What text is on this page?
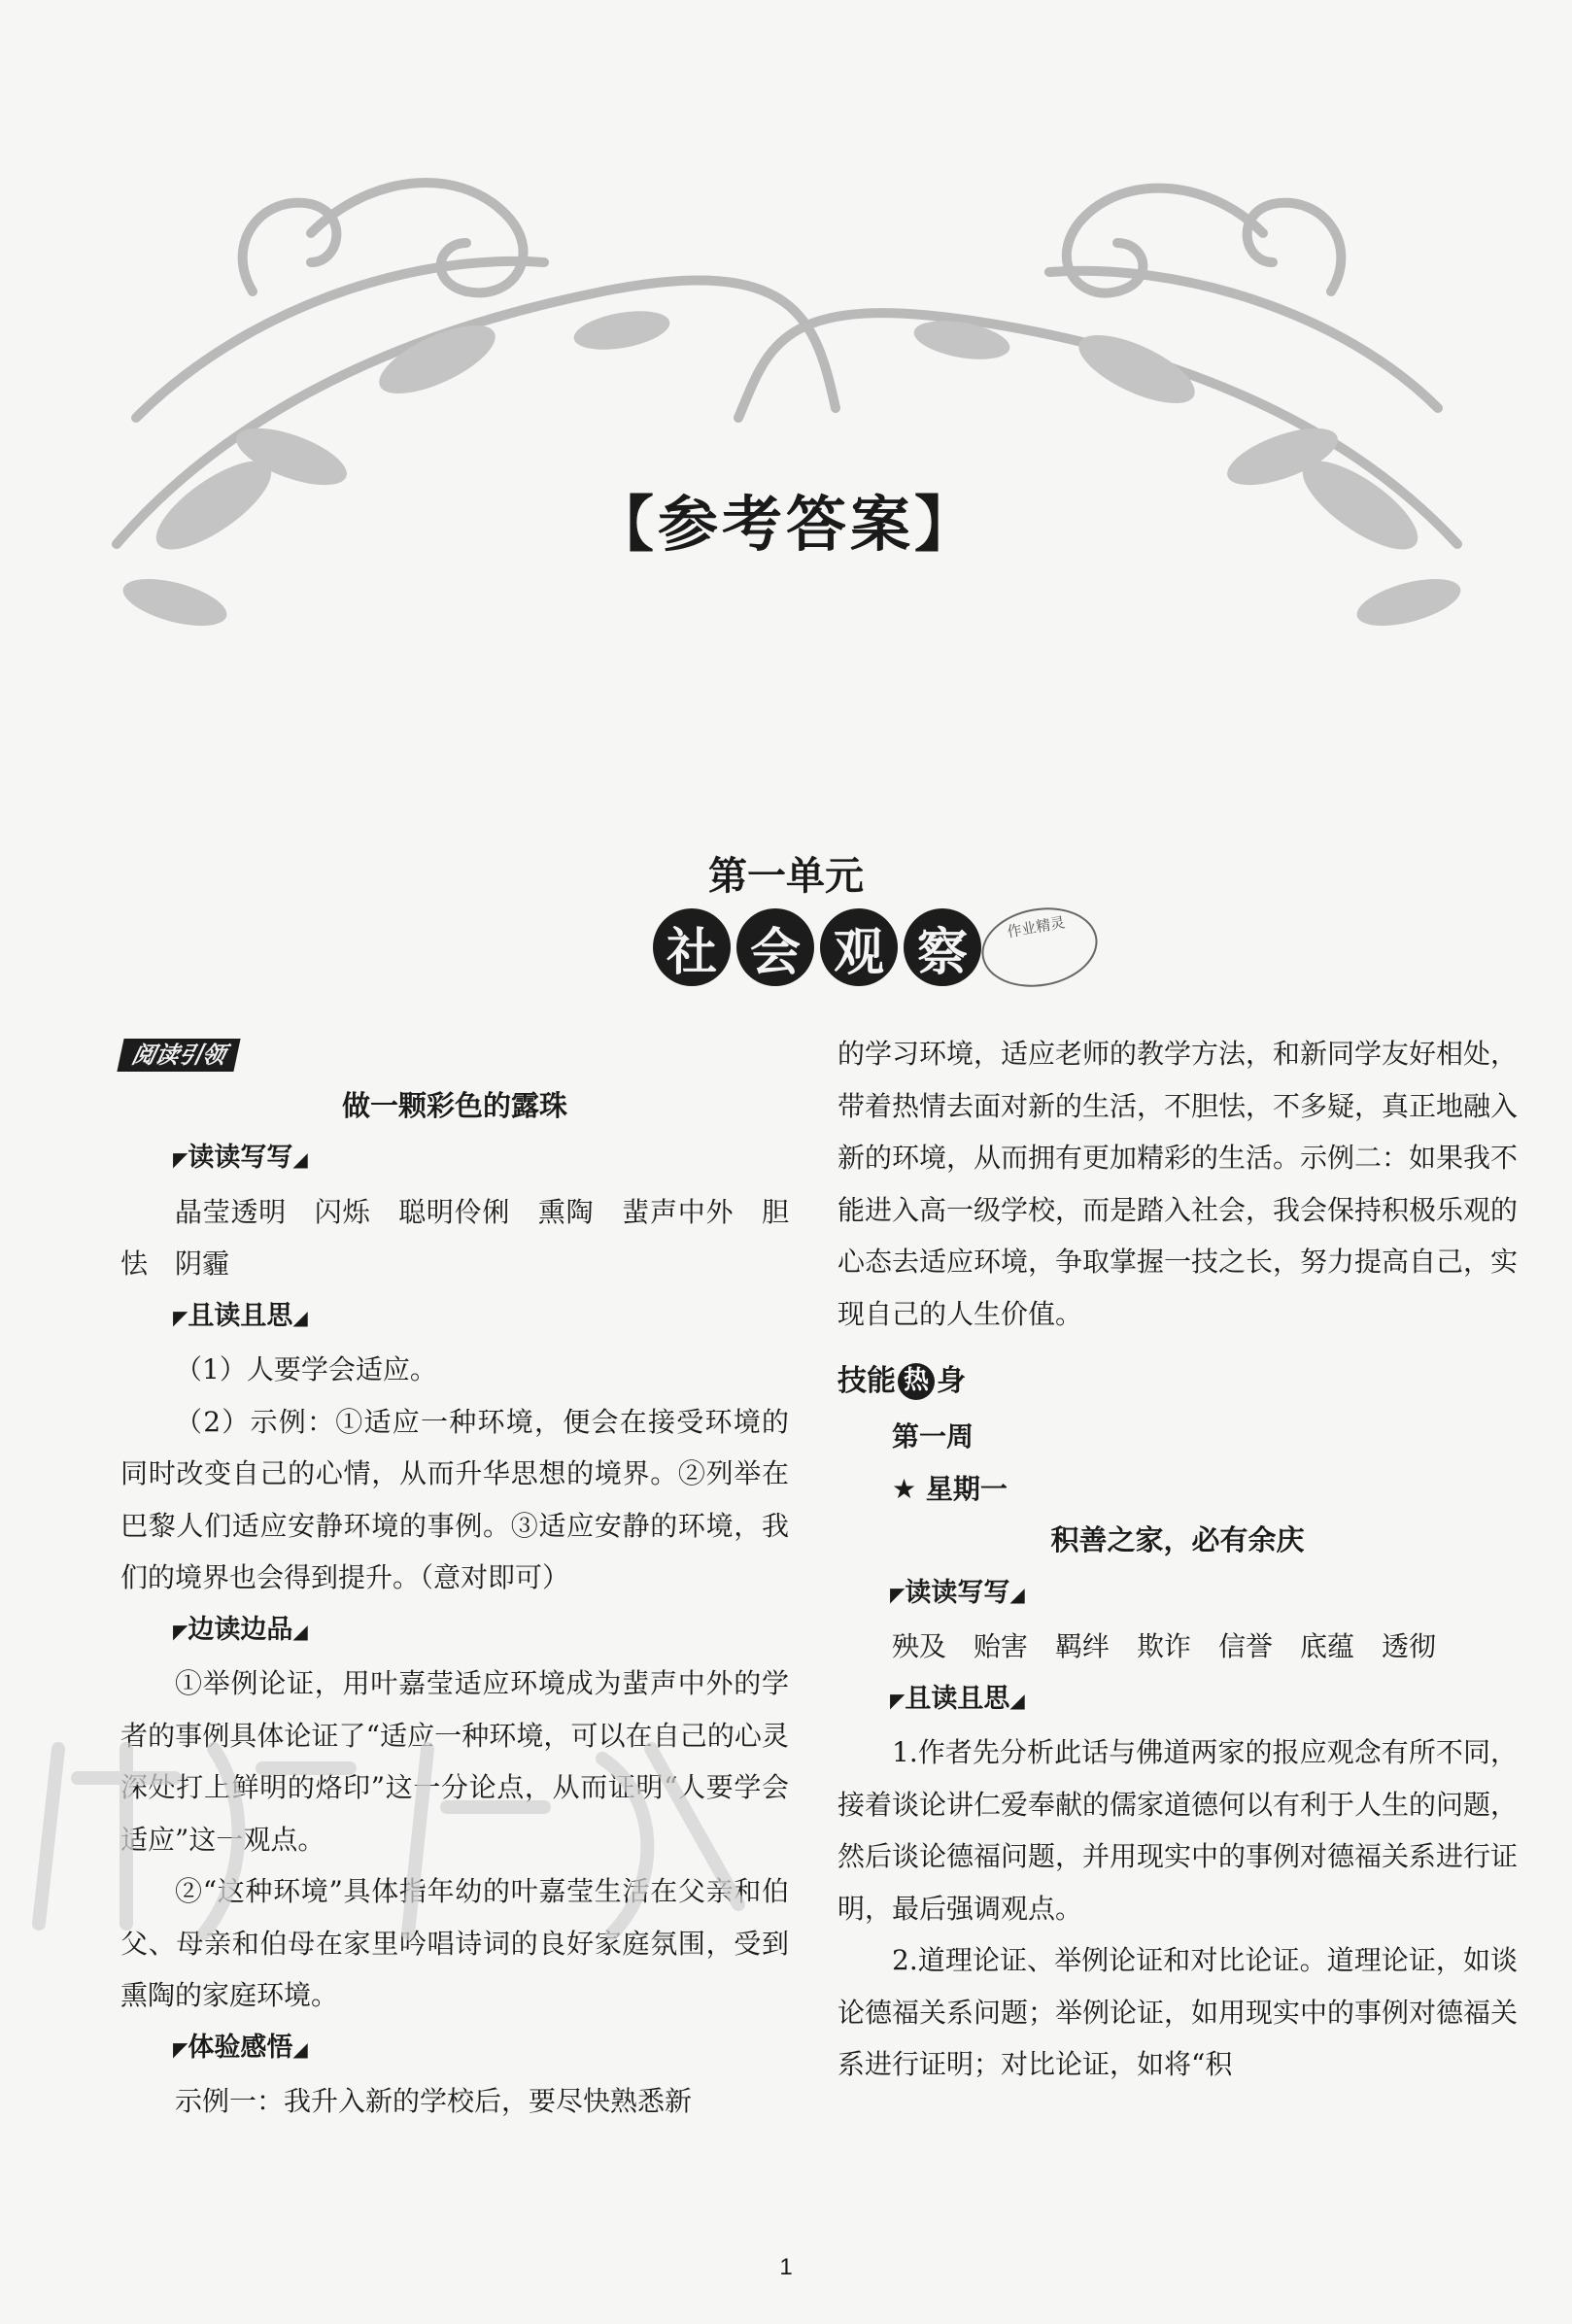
【参考答案】
第一单元
社 会 观 察	作业精灵

阅读引领

做一颗彩色的露珠

◤读读写写◢

晶莹透明　闪烁　聪明伶俐　熏陶　蜚声中外　胆怯　阴霾

◤且读且思◢

（1）人要学会适应。

（2）示例：①适应一种环境，便会在接受环境的同时改变自己的心情，从而升华思想的境界。②列举在巴黎人们适应安静环境的事例。③适应安静的环境，我们的境界也会得到提升。（意对即可）

◤边读边品◢

①举例论证，用叶嘉莹适应环境成为蜚声中外的学者的事例具体论证了“适应一种环境，可以在自己的心灵深处打上鲜明的烙印”这一分论点，从而证明“人要学会适应”这一观点。

②“这种环境”具体指年幼的叶嘉莹生活在父亲和伯父、母亲和伯母在家里吟唱诗词的良好家庭氛围，受到熏陶的家庭环境。

◤体验感悟◢

示例一：我升入新的学校后，要尽快熟悉新

的学习环境，适应老师的教学方法，和新同学友好相处，带着热情去面对新的生活，不胆怯，不多疑，真正地融入新的环境，从而拥有更加精彩的生活。示例二：如果我不能进入高一级学校，而是踏入社会，我会保持积极乐观的心态去适应环境，争取掌握一技之长，努力提高自己，实现自己的人生价值。

技能 热 身

第一周

★ 星期一

积善之家，必有余庆

◤读读写写◢

殃及　贻害　羁绊　欺诈　信誉　底蕴　透彻

◤且读且思◢

1.作者先分析此话与佛道两家的报应观念有所不同，接着谈论讲仁爱奉献的儒家道德何以有利于人生的问题，然后谈论德福问题，并用现实中的事例对德福关系进行证明，最后强调观点。

2.道理论证、举例论证和对比论证。道理论证，如谈论德福关系问题；举例论证，如用现实中的事例对德福关系进行证明；对比论证，如将“积

1
